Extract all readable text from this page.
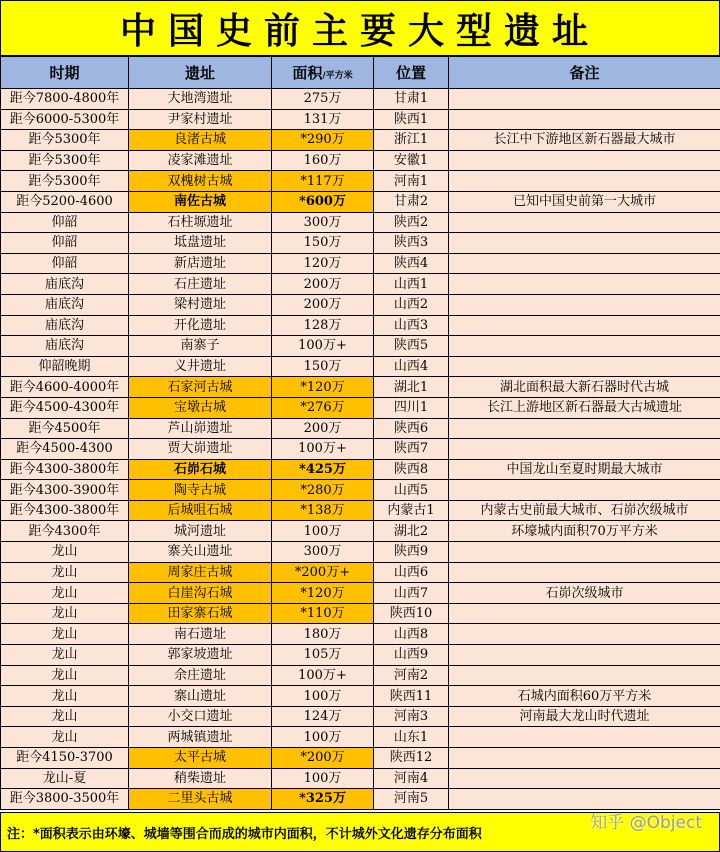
中国史前主要大型遗址
时期	遗址	面积/平方米	位置	备注
距今7800-4800年	大地湾遗址	275万	甘肃1	
距今6000-5300年	尹家村遗址	131万	陕西1	
距今5300年	良渚古城	*290万	浙江1	长江中下游地区新石器最大城市
距今5300年	凌家滩遗址	160万	安徽1	
距今5300年	双槐树古城	*117万	河南1	
距今5200-4600	南佐古城	*600万	甘肃2	已知中国史前第一大城市
仰韶	石柱塬遗址	300万	陕西2	
仰韶	坻盘遗址	150万	陕西3	
仰韶	新店遗址	120万	陕西4	
庙底沟	石庄遗址	200万	山西1	
庙底沟	梁村遗址	200万	山西2	
庙底沟	开化遗址	128万	山西3	
庙底沟	南寨子	100万+	陕西5	
仰韶晚期	义井遗址	150万	山西4	
距今4600-4000年	石家河古城	*120万	湖北1	湖北面积最大新石器时代古城
距今4500-4300年	宝墩古城	*276万	四川1	长江上游地区新石器最大古城遗址
距今4500年	芦山峁遗址	200万	陕西6	
距今4500-4300	贾大峁遗址	100万+	陕西7	
距今4300-3800年	石峁石城	*425万	陕西8	中国龙山至夏时期最大城市
距今4300-3900年	陶寺古城	*280万	山西5	
距今4300-3800年	后城咀石城	*138万	内蒙古1	内蒙古史前最大城市、石峁次级城市
距今4300年	城河遗址	100万	湖北2	环壕城内面积70万平方米
龙山	寨关山遗址	300万	陕西9	
龙山	周家庄古城	*200万+	山西6	
龙山	白崖沟石城	*120万	山西7	石峁次级城市
龙山	田家寨石城	*110万	陕西10	
龙山	南石遗址	180万	山西8	
龙山	郭家坡遗址	105万	山西9	
龙山	余庄遗址	100万+	河南2	
龙山	寨山遗址	100万	陕西11	石城内面积60万平方米
龙山	小交口遗址	124万	河南3	河南最大龙山时代遗址
龙山	两城镇遗址	100万	山东1	
距今4150-3700	太平古城	*200万	陕西12	
龙山-夏	稍柴遗址	100万	河南4	
距今3800-3500年	二里头古城	*325万	河南5	
注：*面积表示由环壕、城墙等围合而成的城市内面积，不计城外文化遗存分布面积
知乎 @Object
